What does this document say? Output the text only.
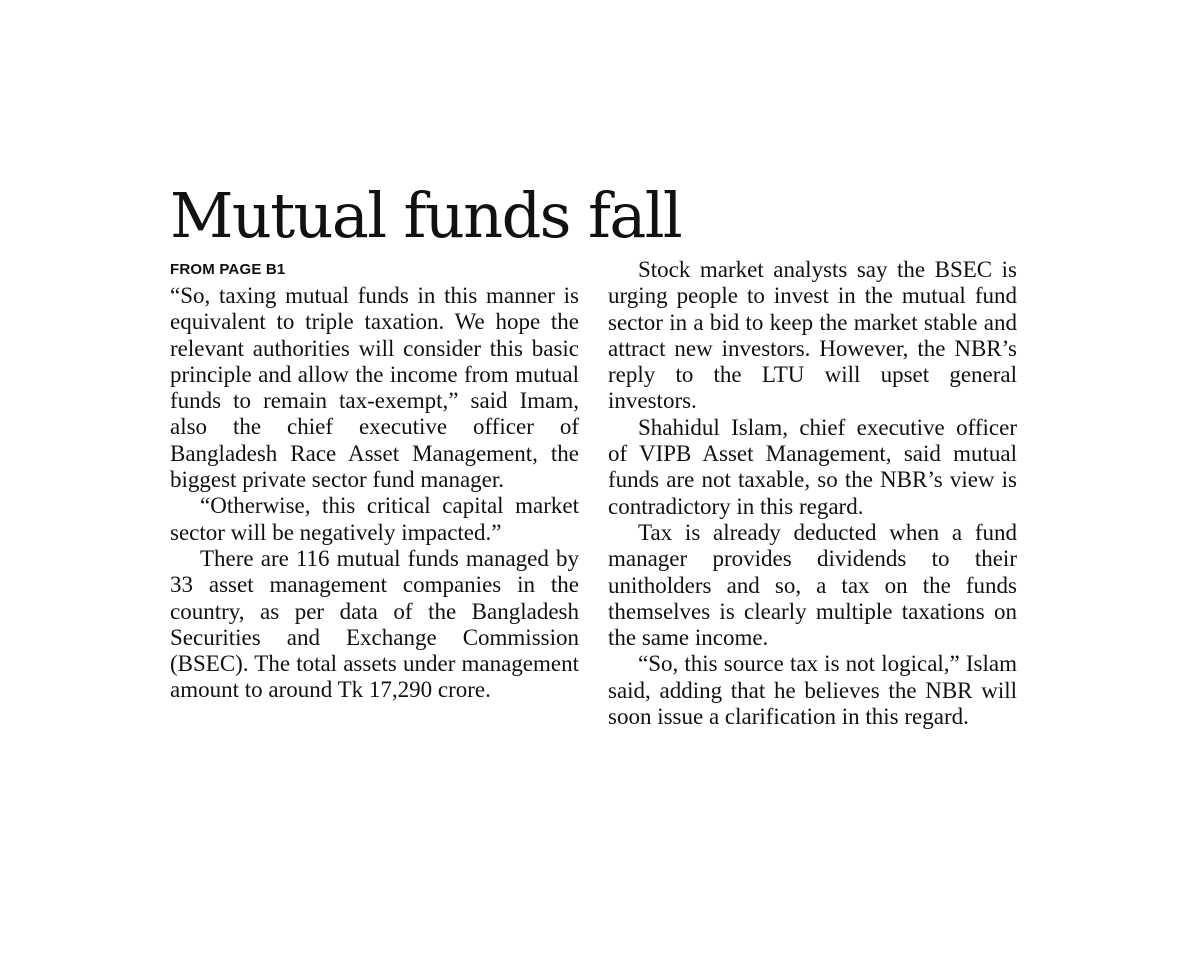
Mutual funds fall
FROM PAGE B1

“So, taxing mutual funds in this manner is equivalent to triple taxation. We hope the relevant authorities will consider this basic principle and allow the income from mutual funds to remain tax-exempt,” said Imam, also the chief executive officer of Bangladesh Race Asset Management, the biggest private sector fund manager.

“Otherwise, this critical capital market sector will be negatively impacted.”

There are 116 mutual funds managed by 33 asset management companies in the country, as per data of the Bangladesh Securities and Exchange Commission (BSEC). The total assets under management amount to around Tk 17,290 crore.

Stock market analysts say the BSEC is urging people to invest in the mutual fund sector in a bid to keep the market stable and attract new investors. However, the NBR’s reply to the LTU will upset general investors.

Shahidul Islam, chief executive officer of VIPB Asset Management, said mutual funds are not taxable, so the NBR’s view is contradictory in this regard.

Tax is already deducted when a fund manager provides dividends to their unitholders and so, a tax on the funds themselves is clearly multiple taxations on the same income.

“So, this source tax is not logical,” Islam said, adding that he believes the NBR will soon issue a clarification in this regard.
